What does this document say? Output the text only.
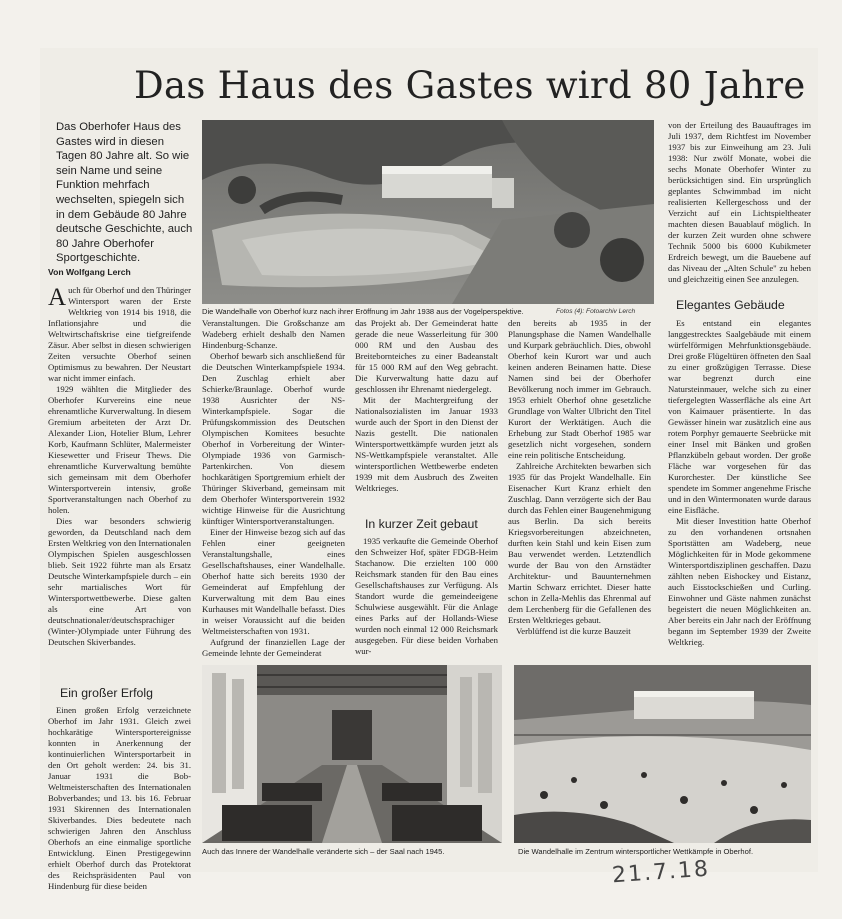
Das Haus des Gastes wird 80 Jahre
Das Oberhofer Haus des Gastes wird in diesen Tagen 80 Jahre alt. So wie sein Name und seine Funktion mehrfach wechselten, spiegeln sich in dem Gebäude 80 Jahre deutsche Geschichte, auch 80 Jahre Oberhofer Sportgeschichte.
Von Wolfgang Lerch
Die Wandelhalle von Oberhof kurz nach ihrer Eröffnung im Jahr 1938 aus der Vogelperspektive.	Fotos (4): Fotoarchiv Lerch

Auch für Oberhof und den Thüringer Wintersport waren der Erste Weltkrieg von 1914 bis 1918, die Inflationsjahre und die Weltwirtschaftskrise eine tiefgreifende Zäsur. Aber selbst in diesen schwierigen Zeiten versuchte Oberhof seinen Optimismus zu bewahren. Der Neustart war nicht immer einfach.

1929 wählten die Mitglieder des Oberhofer Kurvereins eine neue ehrenamtliche Kurverwaltung. In diesem Gremium arbeiteten der Arzt Dr. Alexander Lion, Hotelier Blum, Lehrer Korb, Kaufmann Schlüter, Malermeister Kiesewetter und Friseur Thews. Die ehrenamtliche Kurverwaltung bemühte sich gemeinsam mit dem Oberhofer Wintersportverein intensiv, große Sportveranstaltungen nach Oberhof zu holen.

Dies war besonders schwierig geworden, da Deutschland nach dem Ersten Weltkrieg von den Internationalen Olympischen Spielen ausgeschlossen blieb. Seit 1922 führte man als Ersatz Deutsche Winterkampfspiele durch – ein sehr martialisches Wort für Wintersportwettbewerbe. Diese galten als eine Art von deutschnationaler/deutschsprachiger (Winter-)Olympiade unter Führung des Deutschen Skiverbandes.

Ein großer Erfolg

Einen großen Erfolg verzeichnete Oberhof im Jahr 1931. Gleich zwei hochkarätige Wintersportereignisse konnten in Anerkennung der kontinuierlichen Wintersportarbeit in den Ort geholt werden: 24. bis 31. Januar 1931 die Bob-Weltmeisterschaften des Internationalen Bobverbandes; und 13. bis 16. Februar 1931 Skirennen des Internationalen Skiverbandes. Dies bedeutete nach schwierigen Jahren den Anschluss Oberhofs an eine einmalige sportliche Entwicklung. Einen Prestigegewinn erhielt Oberhof durch das Protektorat des Reichspräsidenten Paul von Hindenburg für diese beiden

Veranstaltungen. Die Großschanze am Wadeberg erhielt deshalb den Namen Hindenburg-Schanze.

Oberhof bewarb sich anschließend für die Deutschen Winterkampfspiele 1934. Den Zuschlag erhielt aber Schierke/Braunlage. Oberhof wurde 1938 Ausrichter der NS-Winterkampfspiele. Sogar die Prüfungskommission des Deutschen Olympischen Komitees besuchte Oberhof in Vorbereitung der Winter-Olympiade 1936 von Garmisch-Partenkirchen. Von diesem hochkarätigen Sportgremium erhielt der Thüringer Skiverband, gemeinsam mit dem Oberhofer Wintersportverein 1932 wichtige Hinweise für die Ausrichtung künftiger Wintersportveranstaltungen.

Einer der Hinweise bezog sich auf das Fehlen einer geeigneten Veranstaltungshalle, eines Gesellschaftshauses, einer Wandelhalle. Oberhof hatte sich bereits 1930 der Gemeinderat auf Empfehlung der Kurverwaltung mit dem Bau eines Kurhauses mit Wandelhalle befasst. Dies in weiser Voraussicht auf die beiden Weltmeisterschaften von 1931.

Aufgrund der finanziellen Lage der Gemeinde lehnte der Gemeinderat

das Projekt ab. Der Gemeinderat hatte gerade die neue Wasserleitung für 300 000 RM und den Ausbau des Breitebornteiches zu einer Badeanstalt für 15 000 RM auf den Weg gebracht. Die Kurverwaltung hatte dazu auf geschlossen ihr Ehrenamt niedergelegt.

Mit der Machtergreifung der Nationalsozialisten im Januar 1933 wurde auch der Sport in den Dienst der Nazis gestellt. Die nationalen Wintersportwettkämpfe wurden jetzt als NS-Wettkampfspiele veranstaltet. Alle wintersportlichen Wettbewerbe endeten 1939 mit dem Ausbruch des Zweiten Weltkrieges.

In kurzer Zeit gebaut

1935 verkaufte die Gemeinde Oberhof den Schweizer Hof, später FDGB-Heim Stachanow. Die erzielten 100 000 Reichsmark standen für den Bau eines Gesellschaftshauses zur Verfügung. Als Standort wurde die gemeindeeigene Schulwiese ausgewählt. Für die Anlage eines Parks auf der Hollands-Wiese wurden noch einmal 12 000 Reichsmark ausgegeben. Für diese beiden Vorhaben wur-

den bereits ab 1935 in der Planungsphase die Namen Wandelhalle und Kurpark gebräuchlich. Dies, obwohl Oberhof kein Kurort war und auch keinen anderen Beinamen hatte. Diese Namen sind bei der Oberhofer Bevölkerung noch immer im Gebrauch. 1953 erhielt Oberhof ohne gesetzliche Grundlage von Walter Ulbricht den Titel Kurort der Werktätigen. Auch die Erhebung zur Stadt Oberhof 1985 war gesetzlich nicht vorgesehen, sondern eine rein politische Entscheidung.

Zahlreiche Architekten bewarben sich 1935 für das Projekt Wandelhalle. Ein Eisenacher Kurt Kranz erhielt den Zuschlag. Dann verzögerte sich der Bau durch das Fehlen einer Baugenehmigung aus Berlin. Da sich bereits Kriegsvorbereitungen abzeichneten, durften kein Stahl und kein Eisen zum Bau verwendet werden. Letztendlich wurde der Bau von den Arnstädter Architektur- und Bauunternehmen Martin Schwarz errichtet. Dieser hatte schon in Zella-Mehlis das Ehrenmal auf dem Lerchenberg für die Gefallenen des Ersten Weltkrieges gebaut.

Verblüffend ist die kurze Bauzeit

von der Erteilung des Bauauftrages im Juli 1937, dem Richtfest im November 1937 bis zur Einweihung am 23. Juli 1938: Nur zwölf Monate, wobei die sechs Monate Oberhofer Winter zu berücksichtigen sind. Ein ursprünglich geplantes Schwimmbad im nicht realisierten Kellergeschoss und der Verzicht auf ein Lichtspieltheater machten diesen Bauablauf möglich. In der kurzen Zeit wurden ohne schwere Technik 5000 bis 6000 Kubikmeter Erdreich bewegt, um die Bauebene auf das Niveau der „Alten Schule" zu heben und gleichzeitig einen See anzulegen.

Elegantes Gebäude

Es entstand ein elegantes langgestrecktes Saalgebäude mit einem würfelförmigen Mehrfunktionsgebäude. Drei große Flügeltüren öffneten den Saal zu einer großzügigen Terrasse. Diese war begrenzt durch eine Natursteinmauer, welche sich zu einer tiefergelegten Wasserfläche als eine Art von Kaimauer präsentierte. In das Gewässer hinein war zusätzlich eine aus rotem Porphyr gemauerte Seebrücke mit einer Insel mit Bänken und großen Pflanzkübeln gebaut worden. Der große Fläche war vorgesehen für das Kurorchester. Der künstliche See spendete im Sommer angenehme Frische und in den Wintermonaten wurde daraus eine Eisfläche.

Mit dieser Investition hatte Oberhof zu den vorhandenen ortsnahen Sportstätten am Wadeberg, neue Möglichkeiten für in Mode gekommene Wintersportdisziplinen geschaffen. Dazu zählten neben Eishockey und Eistanz, auch Eisstockschießen und Curling. Einwohner und Gäste nahmen zunächst begeistert die neuen Möglichkeiten an. Aber bereits ein Jahr nach der Eröffnung begann im September 1939 der Zweite Weltkrieg.

Auch das Innere der Wandelhalle veränderte sich – der Saal nach 1945.	Die Wandelhalle im Zentrum wintersportlicher Wettkämpfe in Oberhof.
21.7.18
